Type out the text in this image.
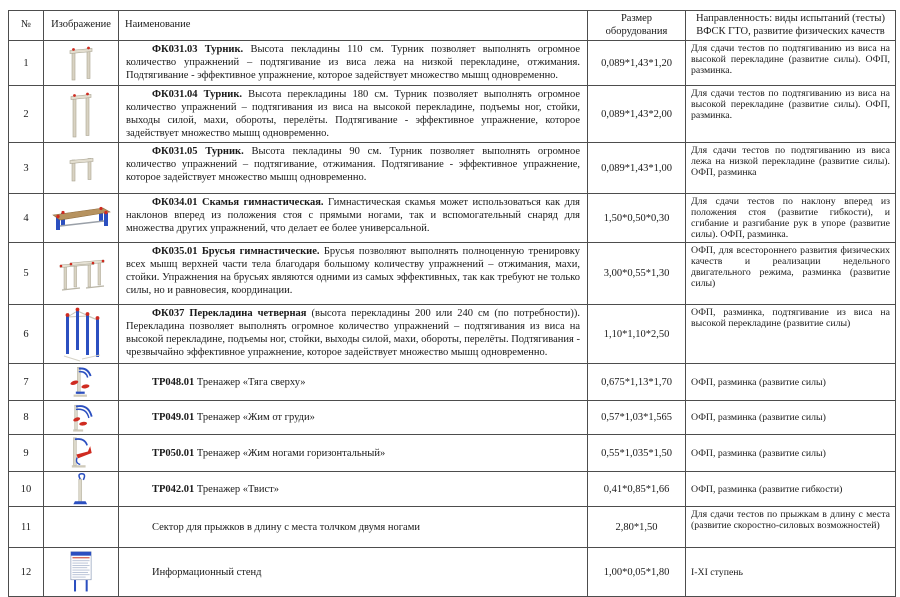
№	Изображение	Наименование	Размер оборудования	Направленность: виды испытаний (тесты) ВФСК ГТО, развитие физических качеств
1		ФК031.03 Турник. Высота пекладины 110 см. Турник позволяет выполнять огромное количество упражнений – подтягивание из виса лежа на низкой перекладине, отжимания. Подтягивание - эффективное упражнение, которое задействует множество мышц одновременно.	0,089*1,43*1,20	Для сдачи тестов по подтягиванию из виса на высокой перекладине (развитие силы). ОФП, разминка.
2		ФК031.04 Турник. Высота перекладины 180 см. Турник позволяет выполнять огромное количество упражнений – подтягивания из виса на высокой перекладине, подъемы ног, стойки, выходы силой, махи, обороты, перелёты. Подтягивание - эффективное упражнение, которое задействует множество мышц одновременно.	0,089*1,43*2,00	Для сдачи тестов по подтягиванию из виса на высокой перекладине (развитие силы). ОФП, разминка.
3		ФК031.05 Турник. Высота пекладины 90 см. Турник позволяет выполнять огромное количество упражнений – подтягивание, отжимания. Подтягивание - эффективное упражнение, которое задействует множество мышц одновременно.	0,089*1,43*1,00	Для сдачи тестов по подтягиванию из виса лежа на низкой перекладине (развитие силы). ОФП, разминка
4		ФК034.01 Скамья гимнастическая. Гимнастическая скамья может использоваться как для наклонов вперед из положения стоя с прямыми ногами, так и вспомогательный снаряд для множества других упражнений, что делает ее более универсальной.	1,50*0,50*0,30	Для сдачи тестов по наклону вперед из положения стоя (развитие гибкости), и сгибание и разгибание рук в упоре (развитие силы). ОФП, разминка.
5		ФК035.01 Брусья гимнастические. Брусья позволяют выполнять полноценную тренировку всех мышц верхней части тела благодаря большому количеству упражнений – отжимания, махи, стойки. Упражнения на брусьях являются одними из самых эффективных, так как требуют не только силы, но и равновесия, координации.	3,00*0,55*1,30	ОФП, для всестороннего развития физических качеств и реализации недельного двигательного режима, разминка (развитие силы)
6		ФК037 Перекладина четверная (высота перекладины 200 или 240 см (по потребности)). Перекладина позволяет выполнять огромное количество упражнений – подтягивания из виса на высокой перекладине, подъемы ног, стойки, выходы силой, махи, обороты, перелёты. Подтягивания - чрезвычайно эффективное упражнение, которое задействует множество мышц одновременно.	1,10*1,10*2,50	ОФП, разминка, подтягивание из виса на высокой перекладине (развитие силы)
7		ТР048.01 Тренажер «Тяга сверху»	0,675*1,13*1,70	ОФП, разминка (развитие силы)
8		ТР049.01 Тренажер «Жим от груди»	0,57*1,03*1,565	ОФП, разминка (развитие силы)
9		ТР050.01 Тренажер «Жим ногами горизонтальный»	0,55*1,035*1,50	ОФП, разминка (развитие силы)
10		ТР042.01 Тренажер «Твист»	0,41*0,85*1,66	ОФП, разминка (развитие гибкости)
11		Сектор для прыжков в длину с места толчком двумя ногами	2,80*1,50	Для сдачи тестов по прыжкам в длину с места (развитие скоростно-силовых возможностей)
12		Информационный стенд	1,00*0,05*1,80	I-XI ступень
